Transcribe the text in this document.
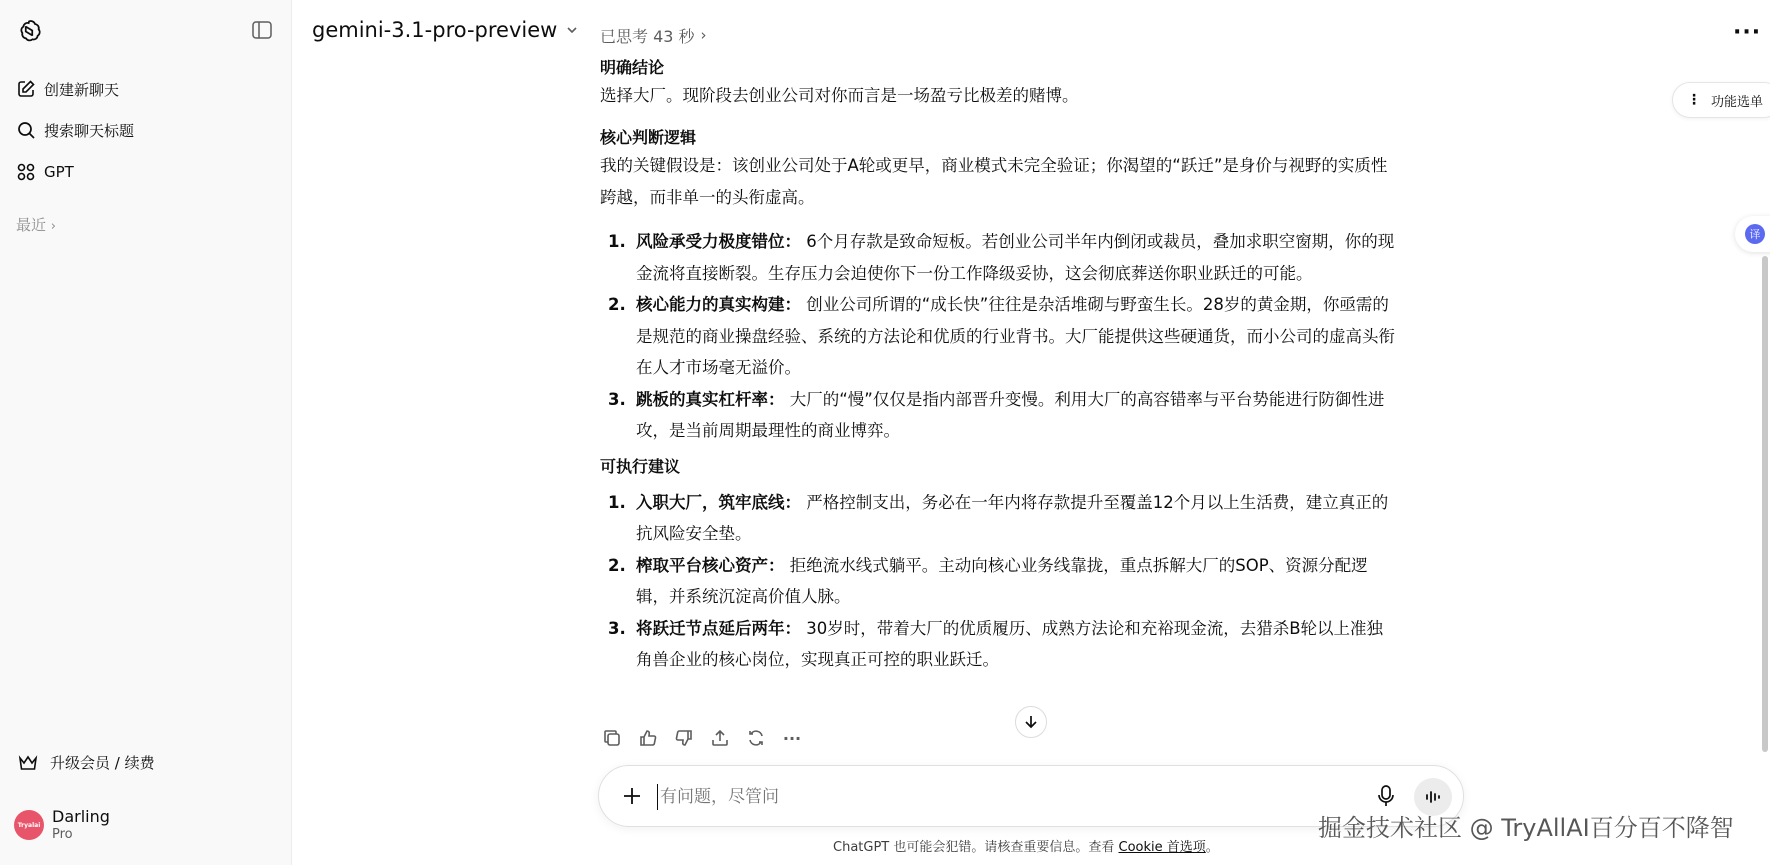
创建新聊天
搜索聊天标题
GPT
最近 ›
升级会员 / 续费
Tryalai Darling
Pro
gemini-3.1-pro-preview	···
已思考 43 秒 ›
明确结论
选择大厂。现阶段去创业公司对你而言是一场盈亏比极差的赌博。
核心判断逻辑
我的关键假设是：该创业公司处于A轮或更早，商业模式未完全验证；你渴望的“跃迁”是身价与视野的实质性
跨越，而非单一的头衔虚高。
1. 风险承受力极度错位： 6个月存款是致命短板。若创业公司半年内倒闭或裁员，叠加求职空窗期，你的现
金流将直接断裂。生存压力会迫使你下一份工作降级妥协，这会彻底葬送你职业跃迁的可能。
2. 核心能力的真实构建： 创业公司所谓的“成长快”往往是杂活堆砌与野蛮生长。28岁的黄金期，你亟需的
是规范的商业操盘经验、系统的方法论和优质的行业背书。大厂能提供这些硬通货，而小公司的虚高头衔
在人才市场毫无溢价。
3. 跳板的真实杠杆率： 大厂的“慢”仅仅是指内部晋升变慢。利用大厂的高容错率与平台势能进行防御性进
攻，是当前周期最理性的商业博弈。
可执行建议
1. 入职大厂，筑牢底线： 严格控制支出，务必在一年内将存款提升至覆盖12个月以上生活费，建立真正的
抗风险安全垫。
2. 榨取平台核心资产： 拒绝流水线式躺平。主动向核心业务线靠拢，重点拆解大厂的SOP、资源分配逻
辑，并系统沉淀高价值人脉。
3. 将跃迁节点延后两年： 30岁时，带着大厂的优质履历、成熟方法论和充裕现金流，去猎杀B轮以上准独
角兽企业的核心岗位，实现真正可控的职业跃迁。
···
有问题，尽管问
ChatGPT 也可能会犯错。请核查重要信息。查看 Cookie 首选项。
⋮ 功能选单
译
掘金技术社区 @ TryAllAI百分百不降智
